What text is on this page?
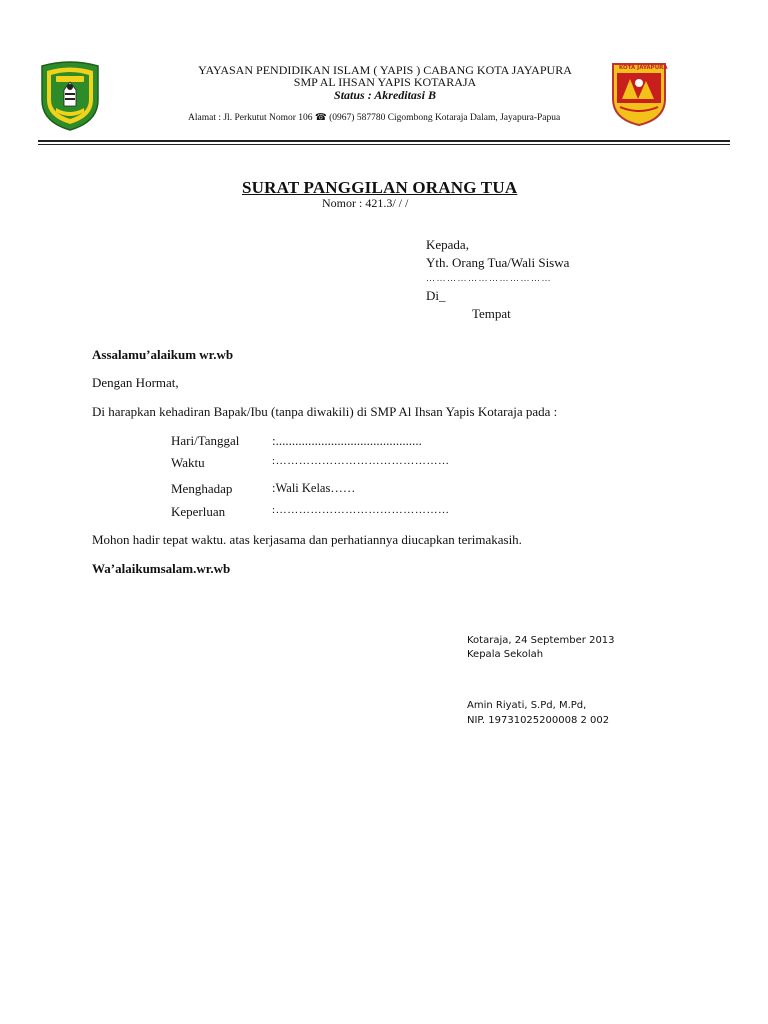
KOTA JAYAPURA
YAYASAN PENDIDIKAN ISLAM ( YAPIS ) CABANG KOTA JAYAPURA
SMP AL IHSAN YAPIS KOTARAJA
Status : Akreditasi B
Alamat : Jl. Perkutut Nomor 106 ☎ (0967) 587780 Cigombong Kotaraja Dalam, Jayapura-Papua
SURAT PANGGILAN ORANG TUA
Nomor : 421.3/ / /
Kepada,
Yth. Orang Tua/Wali Siswa
………………………………
Di_
Tempat
Assalamu’alaikum wr.wb
Dengan Hormat,
Di harapkan kehadiran Bapak/Ibu (tanpa diwakili) di SMP Al Ihsan Yapis Kotaraja pada :
Hari/Tanggal	:.............................................
Waktu	:………………………………………
Menghadap	:Wali Kelas……
Keperluan	:………………………………………
Mohon hadir tepat waktu. atas kerjasama dan perhatiannya diucapkan terimakasih.
Wa’alaikumsalam.wr.wb
Kotaraja, 24 September 2013
Kepala Sekolah
Amin Riyati, S.Pd, M.Pd,
NIP. 19731025200008 2 002
